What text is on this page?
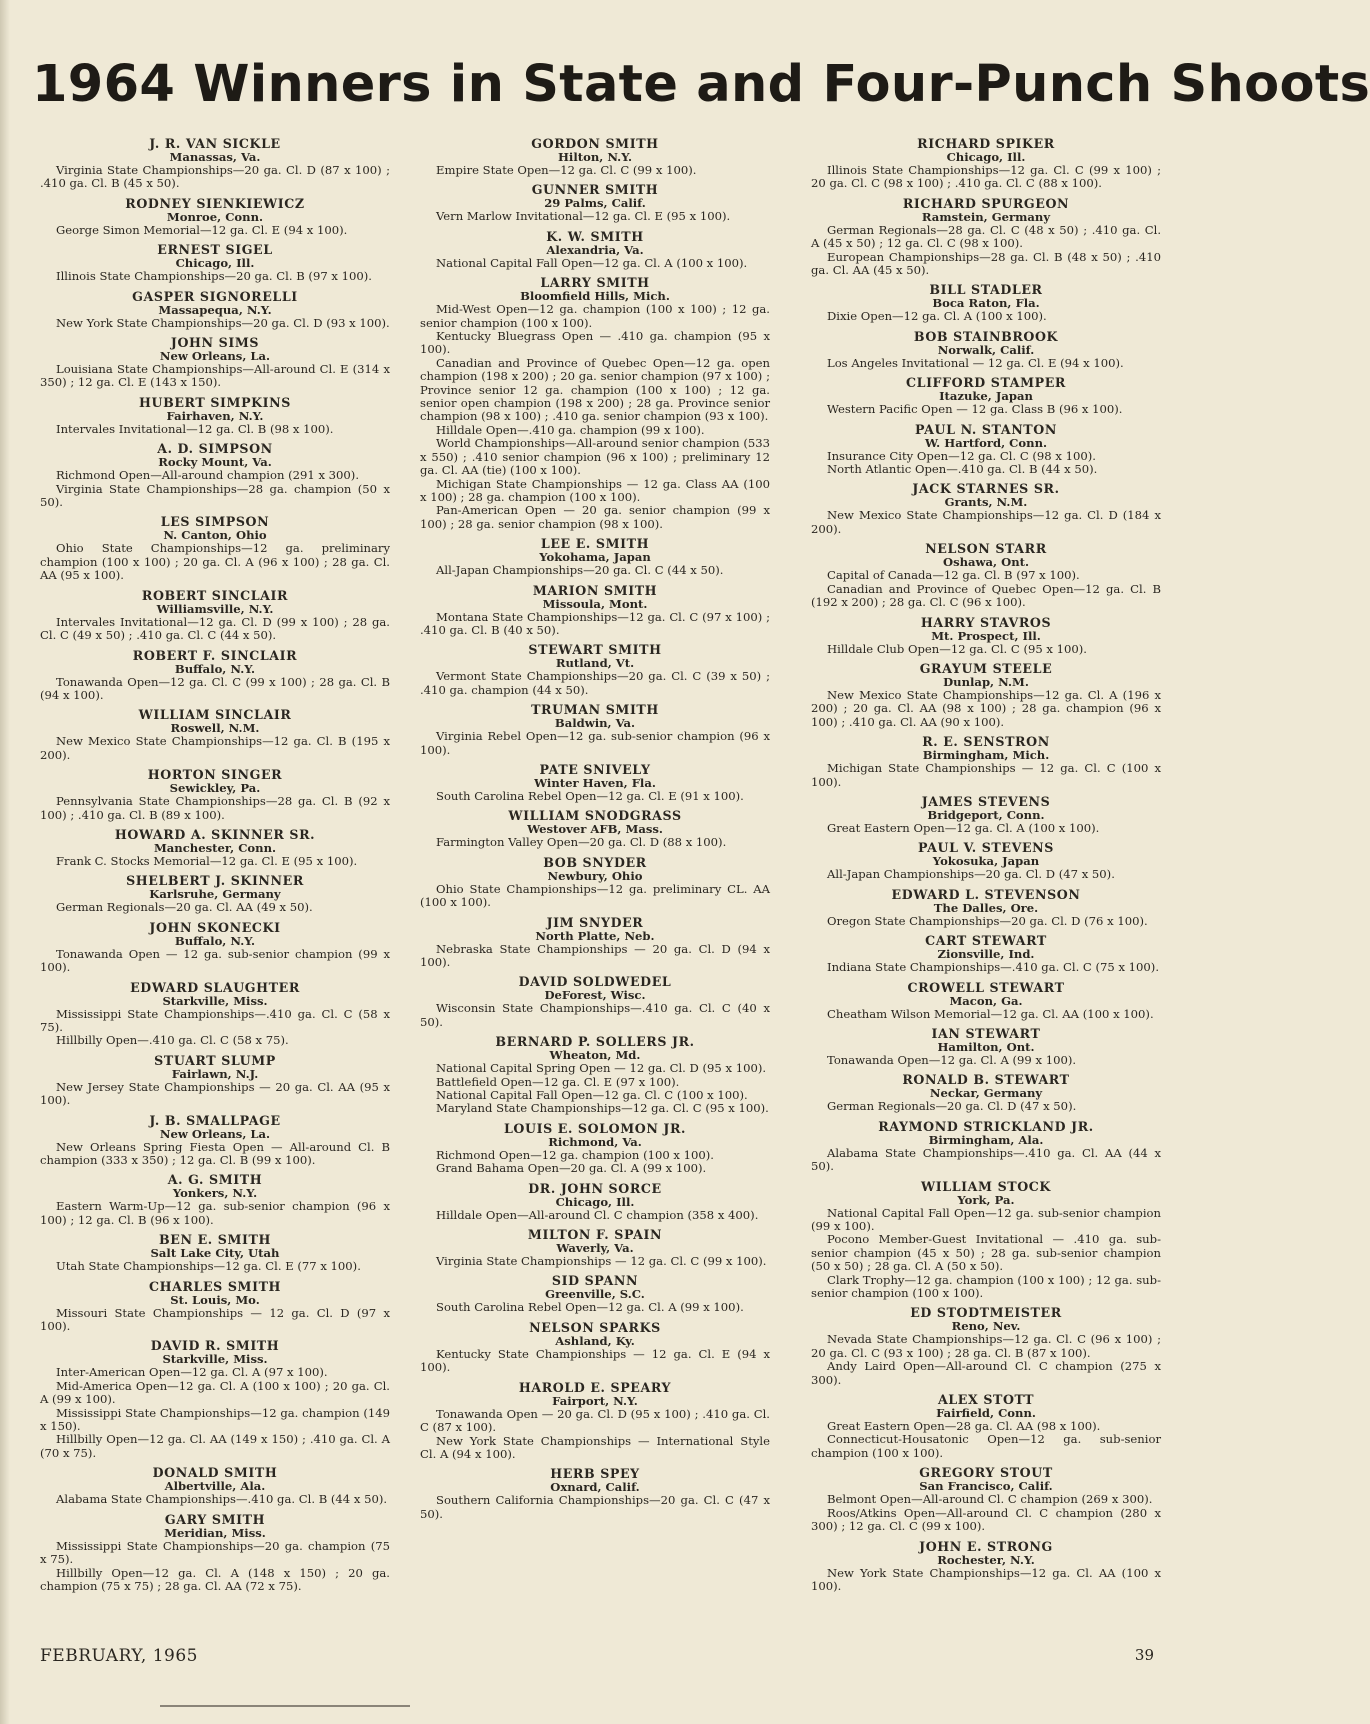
1964 Winners in State and Four-Punch Shoots
J. R. VAN SICKLE
Manassas, Va.

Virginia State Championships—20 ga. Cl. D (87 x 100) ; .410 ga. Cl. B (45 x 50).

RODNEY SIENKIEWICZ
Monroe, Conn.

George Simon Memorial—12 ga. Cl. E (94 x 100).

ERNEST SIGEL
Chicago, Ill.

Illinois State Championships—20 ga. Cl. B (97 x 100).

GASPER SIGNORELLI
Massapequa, N.Y.

New York State Championships—20 ga. Cl. D (93 x 100).

JOHN SIMS
New Orleans, La.

Louisiana State Championships—All-around Cl. E (314 x 350) ; 12 ga. Cl. E (143 x 150).

HUBERT SIMPKINS
Fairhaven, N.Y.

Intervales Invitational—12 ga. Cl. B (98 x 100).

A. D. SIMPSON
Rocky Mount, Va.

Richmond Open—All-around champion (291 x 300).

Virginia State Championships—28 ga. champion (50 x 50).

LES SIMPSON
N. Canton, Ohio

Ohio State Championships—12 ga. preliminary champion (100 x 100) ; 20 ga. Cl. A (96 x 100) ; 28 ga. Cl. AA (95 x 100).

ROBERT SINCLAIR
Williamsville, N.Y.

Intervales Invitational—12 ga. Cl. D (99 x 100) ; 28 ga. Cl. C (49 x 50) ; .410 ga. Cl. C (44 x 50).

ROBERT F. SINCLAIR
Buffalo, N.Y.

Tonawanda Open—12 ga. Cl. C (99 x 100) ; 28 ga. Cl. B (94 x 100).

WILLIAM SINCLAIR
Roswell, N.M.

New Mexico State Championships—12 ga. Cl. B (195 x 200).

HORTON SINGER
Sewickley, Pa.

Pennsylvania State Championships—28 ga. Cl. B (92 x 100) ; .410 ga. Cl. B (89 x 100).

HOWARD A. SKINNER SR.
Manchester, Conn.

Frank C. Stocks Memorial—12 ga. Cl. E (95 x 100).

SHELBERT J. SKINNER
Karlsruhe, Germany

German Regionals—20 ga. Cl. AA (49 x 50).

JOHN SKONECKI
Buffalo, N.Y.

Tonawanda Open — 12 ga. sub-senior champion (99 x 100).

EDWARD SLAUGHTER
Starkville, Miss.

Mississippi State Championships—.410 ga. Cl. C (58 x 75).

Hillbilly Open—.410 ga. Cl. C (58 x 75).

STUART SLUMP
Fairlawn, N.J.

New Jersey State Championships — 20 ga. Cl. AA (95 x 100).

J. B. SMALLPAGE
New Orleans, La.

New Orleans Spring Fiesta Open — All-around Cl. B champion (333 x 350) ; 12 ga. Cl. B (99 x 100).

A. G. SMITH
Yonkers, N.Y.

Eastern Warm-Up—12 ga. sub-senior champion (96 x 100) ; 12 ga. Cl. B (96 x 100).

BEN E. SMITH
Salt Lake City, Utah

Utah State Championships—12 ga. Cl. E (77 x 100).

CHARLES SMITH
St. Louis, Mo.

Missouri State Championships — 12 ga. Cl. D (97 x 100).

DAVID R. SMITH
Starkville, Miss.

Inter-American Open—12 ga. Cl. A (97 x 100).

Mid-America Open—12 ga. Cl. A (100 x 100) ; 20 ga. Cl. A (99 x 100).

Mississippi State Championships—12 ga. champion (149 x 150).

Hillbilly Open—12 ga. Cl. AA (149 x 150) ; .410 ga. Cl. A (70 x 75).

DONALD SMITH
Albertville, Ala.

Alabama State Championships—.410 ga. Cl. B (44 x 50).

GARY SMITH
Meridian, Miss.

Mississippi State Championships—20 ga. champion (75 x 75).

Hillbilly Open—12 ga. Cl. A (148 x 150) ; 20 ga. champion (75 x 75) ; 28 ga. Cl. AA (72 x 75).

GORDON SMITH
Hilton, N.Y.

Empire State Open—12 ga. Cl. C (99 x 100).

GUNNER SMITH
29 Palms, Calif.

Vern Marlow Invitational—12 ga. Cl. E (95 x 100).

K. W. SMITH
Alexandria, Va.

National Capital Fall Open—12 ga. Cl. A (100 x 100).

LARRY SMITH
Bloomfield Hills, Mich.

Mid-West Open—12 ga. champion (100 x 100) ; 12 ga. senior champion (100 x 100).

Kentucky Bluegrass Open — .410 ga. champion (95 x 100).

Canadian and Province of Quebec Open—12 ga. open champion (198 x 200) ; 20 ga. senior champion (97 x 100) ; Province senior 12 ga. champion (100 x 100) ; 12 ga. senior open champion (198 x 200) ; 28 ga. Province senior champion (98 x 100) ; .410 ga. senior champion (93 x 100).

Hilldale Open—.410 ga. champion (99 x 100).

World Championships—All-around senior champion (533 x 550) ; .410 senior champion (96 x 100) ; preliminary 12 ga. Cl. AA (tie) (100 x 100).

Michigan State Championships — 12 ga. Class AA (100 x 100) ; 28 ga. champion (100 x 100).

Pan-American Open — 20 ga. senior champion (99 x 100) ; 28 ga. senior champion (98 x 100).

LEE E. SMITH
Yokohama, Japan

All-Japan Championships—20 ga. Cl. C (44 x 50).

MARION SMITH
Missoula, Mont.

Montana State Championships—12 ga. Cl. C (97 x 100) ; .410 ga. Cl. B (40 x 50).

STEWART SMITH
Rutland, Vt.

Vermont State Championships—20 ga. Cl. C (39 x 50) ; .410 ga. champion (44 x 50).

TRUMAN SMITH
Baldwin, Va.

Virginia Rebel Open—12 ga. sub-senior champion (96 x 100).

PATE SNIVELY
Winter Haven, Fla.

South Carolina Rebel Open—12 ga. Cl. E (91 x 100).

WILLIAM SNODGRASS
Westover AFB, Mass.

Farmington Valley Open—20 ga. Cl. D (88 x 100).

BOB SNYDER
Newbury, Ohio

Ohio State Championships—12 ga. preliminary CL. AA (100 x 100).

JIM SNYDER
North Platte, Neb.

Nebraska State Championships — 20 ga. Cl. D (94 x 100).

DAVID SOLDWEDEL
DeForest, Wisc.

Wisconsin State Championships—.410 ga. Cl. C (40 x 50).

BERNARD P. SOLLERS JR.
Wheaton, Md.

National Capital Spring Open — 12 ga. Cl. D (95 x 100).

Battlefield Open—12 ga. Cl. E (97 x 100).

National Capital Fall Open—12 ga. Cl. C (100 x 100).

Maryland State Championships—12 ga. Cl. C (95 x 100).

LOUIS E. SOLOMON JR.
Richmond, Va.

Richmond Open—12 ga. champion (100 x 100).

Grand Bahama Open—20 ga. Cl. A (99 x 100).

DR. JOHN SORCE
Chicago, Ill.

Hilldale Open—All-around Cl. C champion (358 x 400).

MILTON F. SPAIN
Waverly, Va.

Virginia State Championships — 12 ga. Cl. C (99 x 100).

SID SPANN
Greenville, S.C.

South Carolina Rebel Open—12 ga. Cl. A (99 x 100).

NELSON SPARKS
Ashland, Ky.

Kentucky State Championships — 12 ga. Cl. E (94 x 100).

HAROLD E. SPEARY
Fairport, N.Y.

Tonawanda Open — 20 ga. Cl. D (95 x 100) ; .410 ga. Cl. C (87 x 100).

New York State Championships — International Style Cl. A (94 x 100).

HERB SPEY
Oxnard, Calif.

Southern California Championships—20 ga. Cl. C (47 x 50).

RICHARD SPIKER
Chicago, Ill.

Illinois State Championships—12 ga. Cl. C (99 x 100) ; 20 ga. Cl. C (98 x 100) ; .410 ga. Cl. C (88 x 100).

RICHARD SPURGEON
Ramstein, Germany

German Regionals—28 ga. Cl. C (48 x 50) ; .410 ga. Cl. A (45 x 50) ; 12 ga. Cl. C (98 x 100).

European Championships—28 ga. Cl. B (48 x 50) ; .410 ga. Cl. AA (45 x 50).

BILL STADLER
Boca Raton, Fla.

Dixie Open—12 ga. Cl. A (100 x 100).

BOB STAINBROOK
Norwalk, Calif.

Los Angeles Invitational — 12 ga. Cl. E (94 x 100).

CLIFFORD STAMPER
Itazuke, Japan

Western Pacific Open — 12 ga. Class B (96 x 100).

PAUL N. STANTON
W. Hartford, Conn.

Insurance City Open—12 ga. Cl. C (98 x 100).

North Atlantic Open—.410 ga. Cl. B (44 x 50).

JACK STARNES SR.
Grants, N.M.

New Mexico State Championships—12 ga. Cl. D (184 x 200).

NELSON STARR
Oshawa, Ont.

Capital of Canada—12 ga. Cl. B (97 x 100).

Canadian and Province of Quebec Open—12 ga. Cl. B (192 x 200) ; 28 ga. Cl. C (96 x 100).

HARRY STAVROS
Mt. Prospect, Ill.

Hilldale Club Open—12 ga. Cl. C (95 x 100).

GRAYUM STEELE
Dunlap, N.M.

New Mexico State Championships—12 ga. Cl. A (196 x 200) ; 20 ga. Cl. AA (98 x 100) ; 28 ga. champion (96 x 100) ; .410 ga. Cl. AA (90 x 100).

R. E. SENSTRON
Birmingham, Mich.

Michigan State Championships — 12 ga. Cl. C (100 x 100).

JAMES STEVENS
Bridgeport, Conn.

Great Eastern Open—12 ga. Cl. A (100 x 100).

PAUL V. STEVENS
Yokosuka, Japan

All-Japan Championships—20 ga. Cl. D (47 x 50).

EDWARD L. STEVENSON
The Dalles, Ore.

Oregon State Championships—20 ga. Cl. D (76 x 100).

CART STEWART
Zionsville, Ind.

Indiana State Championships—.410 ga. Cl. C (75 x 100).

CROWELL STEWART
Macon, Ga.

Cheatham Wilson Memorial—12 ga. Cl. AA (100 x 100).

IAN STEWART
Hamilton, Ont.

Tonawanda Open—12 ga. Cl. A (99 x 100).

RONALD B. STEWART
Neckar, Germany

German Regionals—20 ga. Cl. D (47 x 50).

RAYMOND STRICKLAND JR.
Birmingham, Ala.

Alabama State Championships—.410 ga. Cl. AA (44 x 50).

WILLIAM STOCK
York, Pa.

National Capital Fall Open—12 ga. sub-senior champion (99 x 100).

Pocono Member-Guest Invitational — .410 ga. sub-senior champion (45 x 50) ; 28 ga. sub-senior champion (50 x 50) ; 28 ga. Cl. A (50 x 50).

Clark Trophy—12 ga. champion (100 x 100) ; 12 ga. sub-senior champion (100 x 100).

ED STODTMEISTER
Reno, Nev.

Nevada State Championships—12 ga. Cl. C (96 x 100) ; 20 ga. Cl. C (93 x 100) ; 28 ga. Cl. B (87 x 100).

Andy Laird Open—All-around Cl. C champion (275 x 300).

ALEX STOTT
Fairfield, Conn.

Great Eastern Open—28 ga. Cl. AA (98 x 100).

Connecticut-Housatonic Open—12 ga. sub-senior champion (100 x 100).

GREGORY STOUT
San Francisco, Calif.

Belmont Open—All-around Cl. C champion (269 x 300).

Roos/Atkins Open—All-around Cl. C champion (280 x 300) ; 12 ga. Cl. C (99 x 100).

JOHN E. STRONG
Rochester, N.Y.

New York State Championships—12 ga. Cl. AA (100 x 100).

FEBRUARY, 1965	39
